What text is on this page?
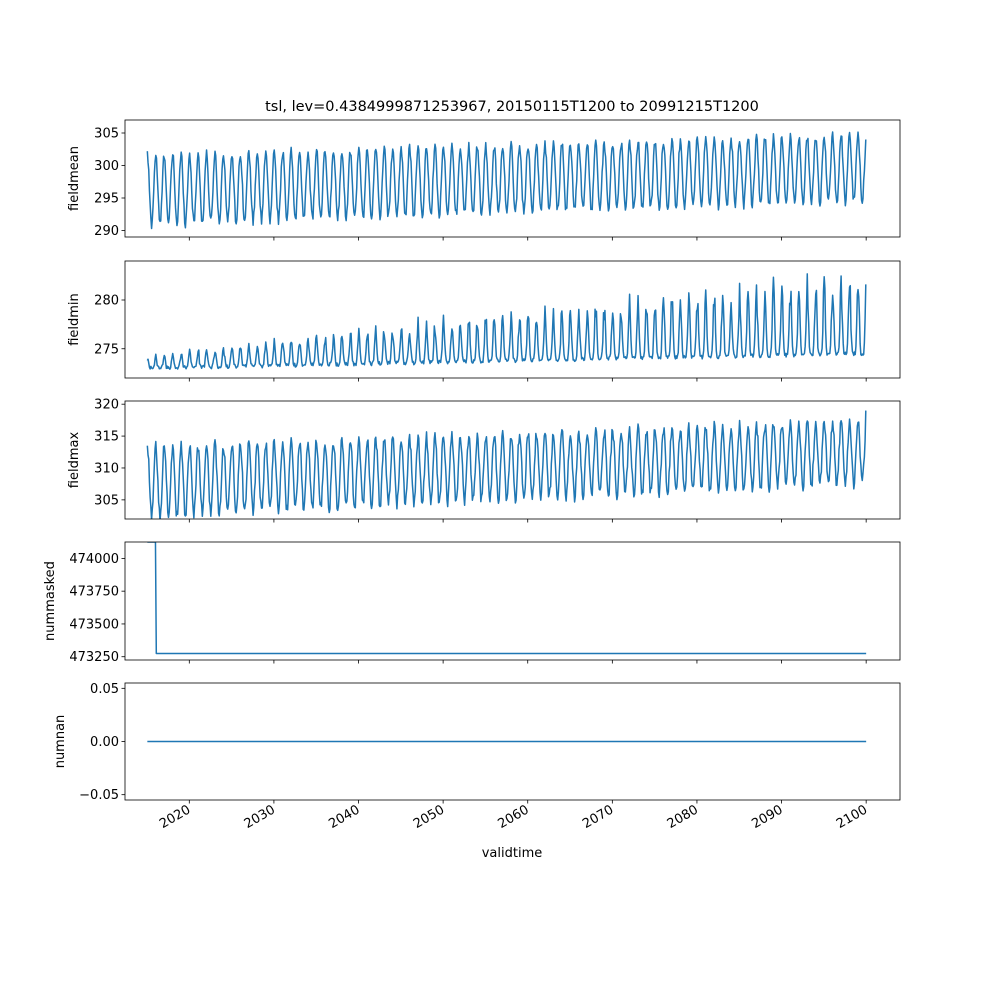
tsl, lev=0.4384999871253967, 20150115T1200 to 20991215T1200
290
295
300
305
fieldmean
275
280
fieldmin
305
310
315
320
fieldmax
473250
473500
473750
474000
nummasked
−0.05
0.00
0.05
2020	2030	2040	2050	2060	2070	2080	2090	2100
numnan
validtime
